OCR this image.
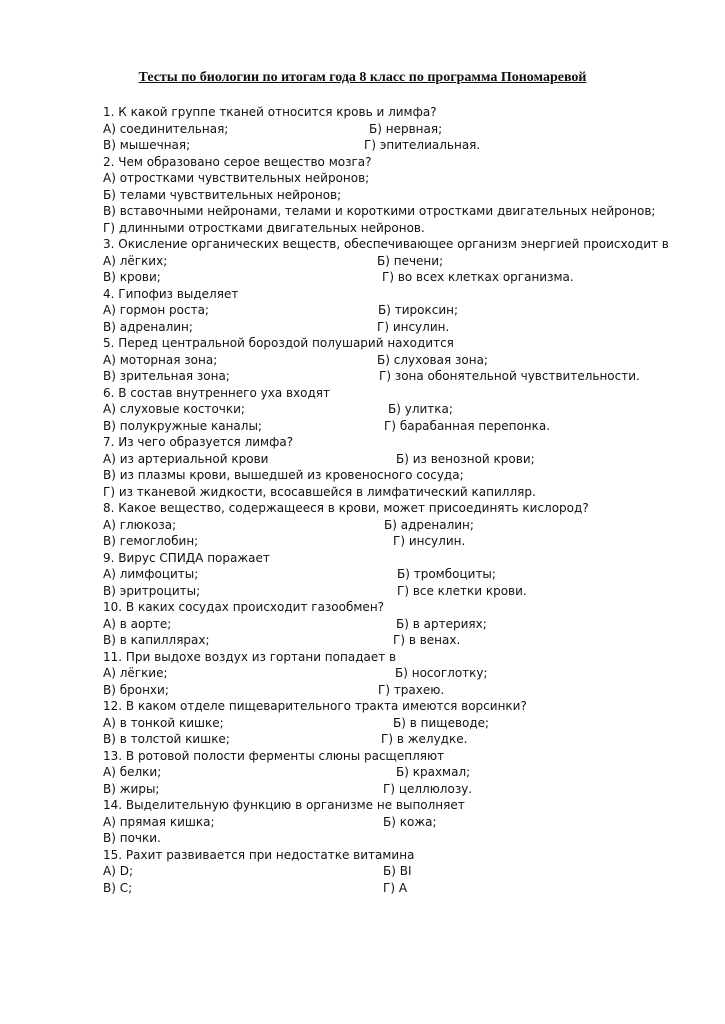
Тесты по биологии по итогам года 8 класс по программа Пономаревой
1. К какой группе тканей относится кровь и лимфа?
А) соединительная;	Б) нервная;
В) мышечная;	Г) эпителиальная.
2. Чем образовано серое вещество мозга?
А) отростками чувствительных нейронов;
Б) телами чувствительных нейронов;
В) вставочными нейронами, телами и короткими отростками двигательных нейронов;
Г) длинными отростками двигательных нейронов.
3. Окисление органических веществ, обеспечивающее организм энергией происходит в
А) лёгких;	Б) печени;
В) крови;	Г) во всех клетках организма.
4. Гипофиз выделяет
А) гормон роста;	Б) тироксин;
В) адреналин;	Г) инсулин.
5. Перед центральной бороздой полушарий находится
А) моторная зона;	Б) слуховая зона;
В) зрительная зона;	Г) зона обонятельной чувствительности.
6. В состав внутреннего уха входят
А) слуховые косточки;	Б) улитка;
В) полукружные каналы;	Г) барабанная перепонка.
7. Из чего образуется лимфа?
А) из артериальной крови	Б) из венозной крови;
В) из плазмы крови, вышедшей из кровеносного сосуда;
Г) из тканевой жидкости, всосавшейся в лимфатический капилляр.
8. Какое вещество, содержащееся в крови, может присоединять кислород?
А) глюкоза;	Б) адреналин;
В) гемоглобин;	Г) инсулин.
9. Вирус СПИДА поражает
А) лимфоциты;	Б) тромбоциты;
В) эритроциты;	Г) все клетки крови.
10. В каких сосудах происходит газообмен?
А) в аорте;	Б) в артериях;
В) в капиллярах;	Г) в венах.
11. При выдохе воздух из гортани попадает в
А) лёгкие;	Б) носоглотку;
В) бронхи;	Г) трахею.
12. В каком отделе пищеварительного тракта имеются ворсинки?
А) в тонкой кишке;	Б) в пищеводе;
В) в толстой кишке;	Г) в желудке.
13. В ротовой полости ферменты слюны расщепляют
А) белки;	Б) крахмал;
В) жиры;	Г) целлюлозу.
14. Выделительную функцию в организме не выполняет
А) прямая кишка;	Б) кожа;
В) почки.
15. Рахит развивается при недостатке витамина
А) D;	Б) BI
В) С;	Г) А
